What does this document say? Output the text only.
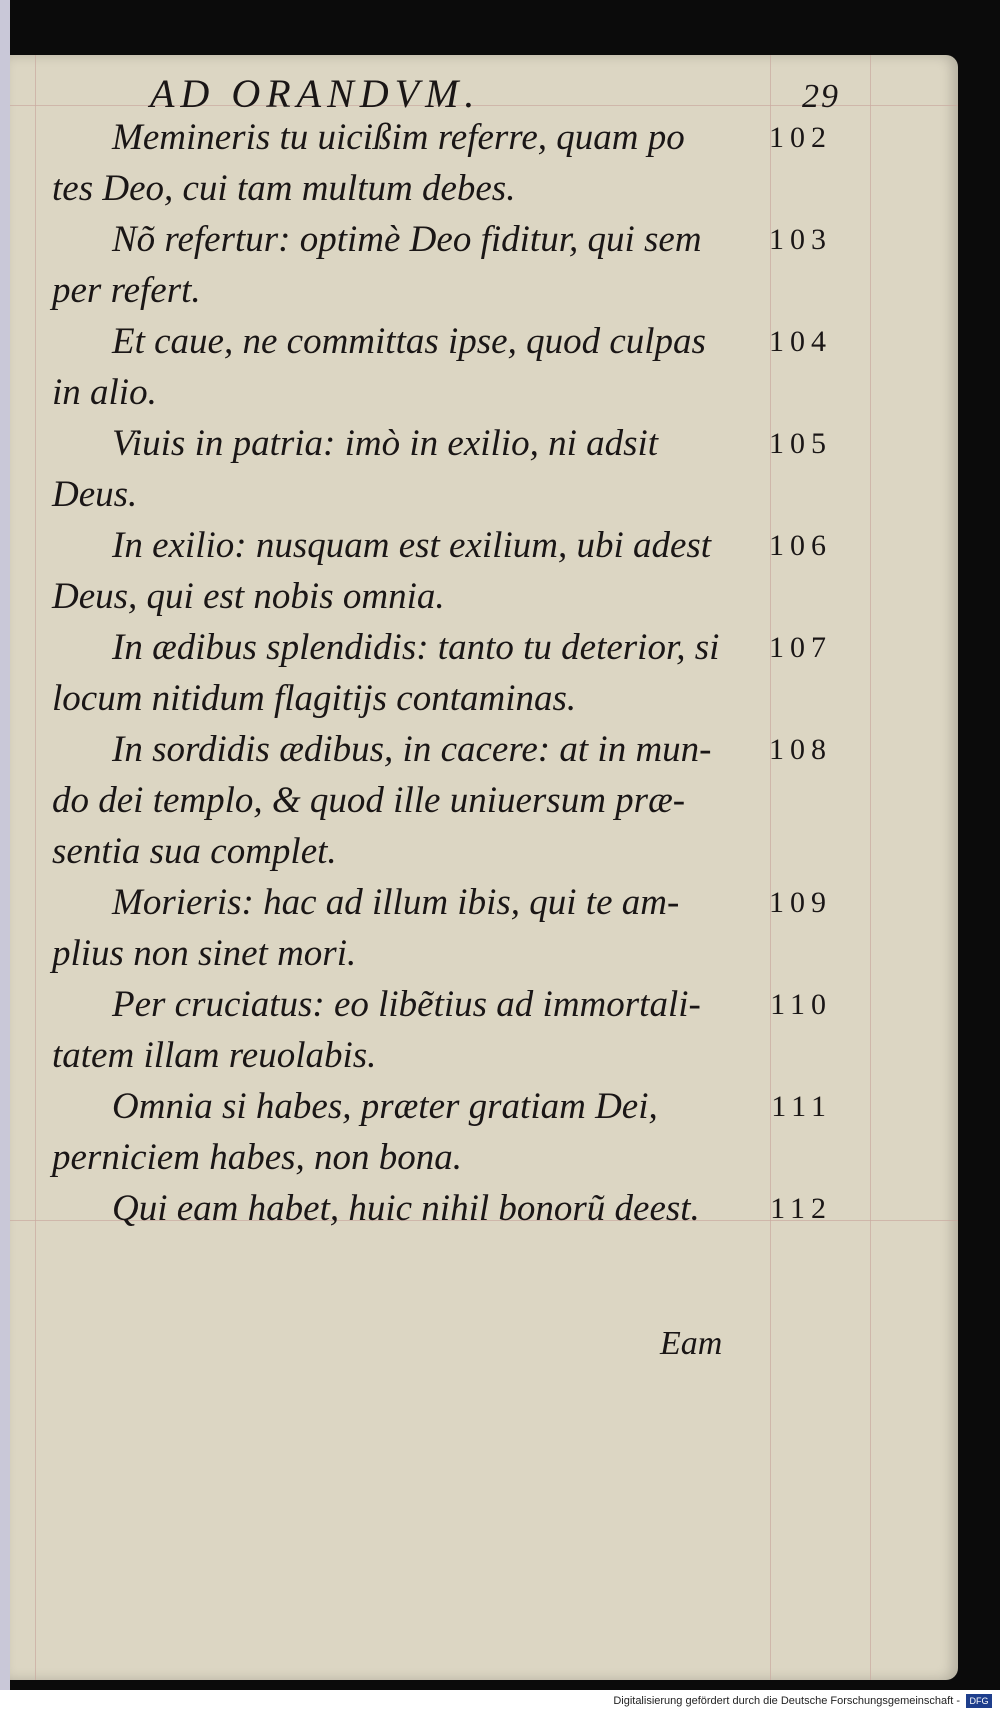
AD ORANDVM.	29
Memineris tu uicißim referre, quam po
tes Deo, cui tam multum debes.
102
Nõ refertur: optimè Deo fiditur, qui sem
per refert.
103
Et caue, ne committas ipse, quod culpas
in alio.
104
Viuis in patria: imò in exilio, ni adsit
Deus.
105
In exilio: nusquam est exilium, ubi adest
Deus, qui est nobis omnia.
106
In ædibus splendidis: tanto tu deterior, si
locum nitidum flagitijs contaminas.
107
In sordidis ædibus, in cacere: at in mun-
do dei templo, & quod ille uniuersum præ-
sentia sua complet.
108
Morieris: hac ad illum ibis, qui te am-
plius non sinet mori.
109
Per cruciatus: eo libẽtius ad immortali-
tatem illam reuolabis.
110
Omnia si habes, præter gratiam Dei,
perniciem habes, non bona.
111
Qui eam habet, huic nihil bonorũ deest.	112
Eam
Digitalisierung gefördert durch die Deutsche Forschungsgemeinschaft -	DFG
